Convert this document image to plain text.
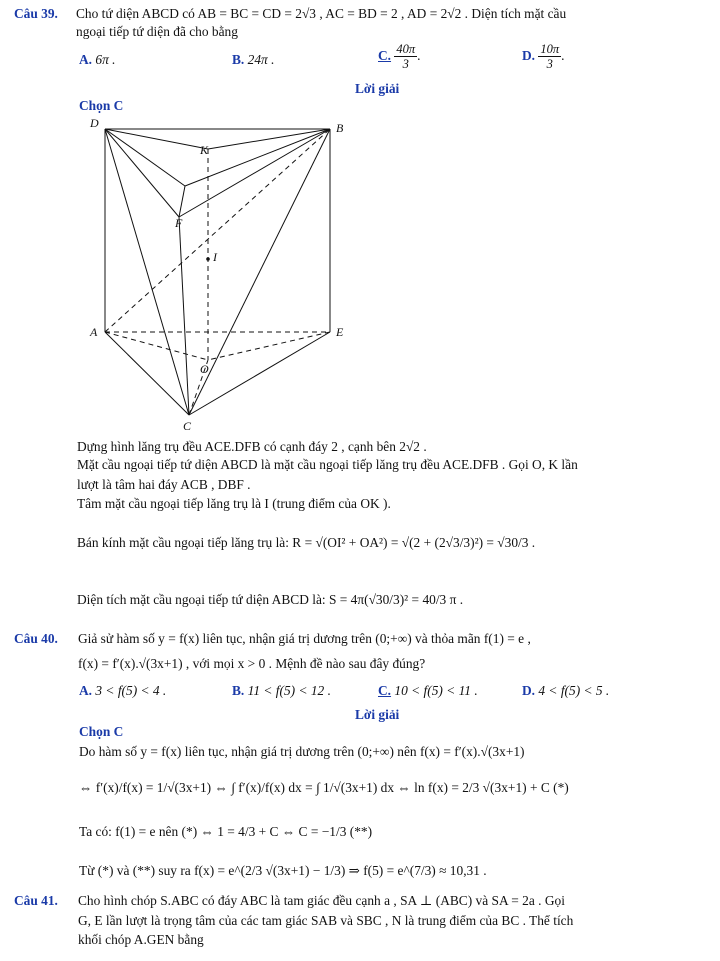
Câu 39. Cho tứ diện ABCD có AB = BC = CD = 2√3 , AC = BD = 2 , AD = 2√2 . Diện tích mặt cầu
ngoại tiếp tứ diện đã cho bằng
A. 6π .	B. 24π .	C. $\frac{40\pi}{3}$ .	D. $\frac{10\pi}{3}$ .
Lời giải
Chọn C
D	B
K
F
I
A	E
O
C
Dựng hình lăng trụ đều ACE.DFB có cạnh đáy 2 , cạnh bên 2√2 .
Mặt cầu ngoại tiếp tứ diện ABCD là mặt cầu ngoại tiếp lăng trụ đều ACE.DFB . Gọi O, K lần
lượt là tâm hai đáy ACB , DBF .
Tâm mặt cầu ngoại tiếp lăng trụ là I (trung điểm của OK ).
Bán kính mặt cầu ngoại tiếp lăng trụ là: R = √(OI² + OA²) = √(2 + (2√3/3)²) = √30/3 .
Diện tích mặt cầu ngoại tiếp tứ diện ABCD là: S = 4π(√30/3)² = 40/3 π .
Câu 40. Giả sử hàm số y = f(x) liên tục, nhận giá trị dương trên (0;+∞) và thỏa mãn f(1) = e ,
f(x) = f′(x).√(3x+1) , với mọi x > 0 . Mệnh đề nào sau đây đúng?
A. 3 < f(5) < 4 .	B. 11 < f(5) < 12 .	C. 10 < f(5) < 11 .	D. 4 < f(5) < 5 .
Lời giải
Chọn C
Do hàm số y = f(x) liên tục, nhận giá trị dương trên (0;+∞) nên f(x) = f′(x).√(3x+1)
⇔ f′(x)/f(x) = 1/√(3x+1) ⇔ ∫ f′(x)/f(x) dx = ∫ 1/√(3x+1) dx ⇔ ln f(x) = 2/3 √(3x+1) + C (*)
Ta có: f(1) = e nên (*) ⇔ 1 = 4/3 + C ⇔ C = −1/3 (**)
Từ (*) và (**) suy ra f(x) = e^(2/3 √(3x+1) − 1/3) ⇒ f(5) = e^(7/3) ≈ 10,31 .
Câu 41. Cho hình chóp S.ABC có đáy ABC là tam giác đều cạnh a , SA ⊥ (ABC) và SA = 2a . Gọi
G, E lần lượt là trọng tâm của các tam giác SAB và SBC , N là trung điểm của BC . Thể tích
khối chóp A.GEN bằng
